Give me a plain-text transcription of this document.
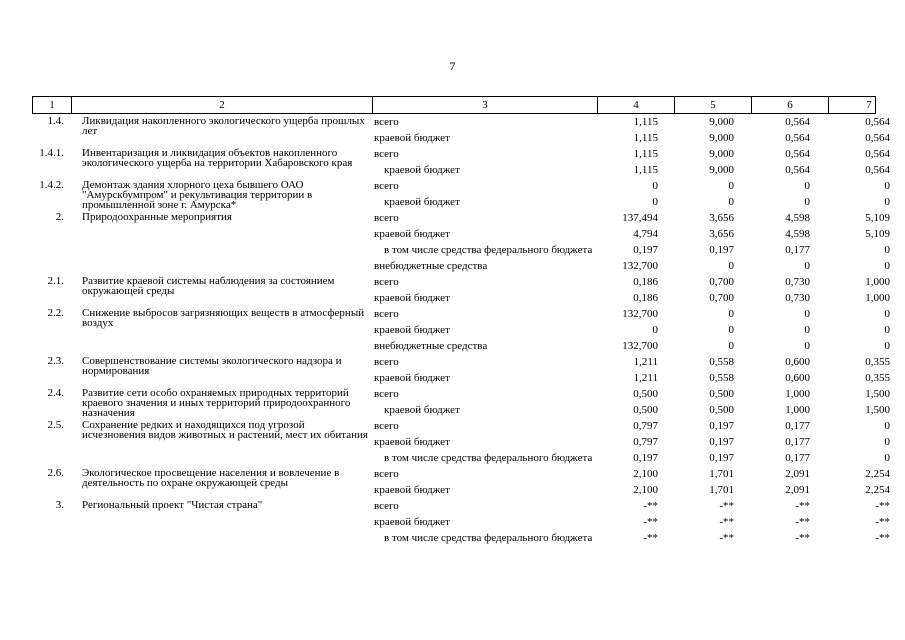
7
1	2	3	4	5	6	7
1.4.	Ликвидация накопленного экологического ущерба прошлых лет
всего	1,115	9,000	0,564	0,564
краевой бюджет	1,115	9,000	0,564	0,564
1.4.1.	Инвентаризация и ликвидация объектов накопленного экологического ущерба на территории Хабаровского края
всего	1,115	9,000	0,564	0,564
краевой бюджет	1,115	9,000	0,564	0,564
1.4.2.	Демонтаж здания хлорного цеха бывшего ОАО "Амурскбумпром" и рекультивация территории в промышленной зоне г. Амурска*
всего	0	0	0	0
краевой бюджет	0	0	0	0
2.	Природоохранные мероприятия	всего	137,494	3,656	4,598	5,109
краевой бюджет	4,794	3,656	4,598	5,109
в том числе средства федерального бюджета	0,197	0,197	0,177	0
внебюджетные средства	132,700	0	0	0
2.1.	Развитие краевой системы наблюдения за состоянием окружающей среды
всего	0,186	0,700	0,730	1,000
краевой бюджет	0,186	0,700	0,730	1,000
2.2.	Снижение выбросов загрязняющих веществ в атмосферный воздух
всего	132,700	0	0	0
краевой бюджет	0	0	0	0
внебюджетные средства	132,700	0	0	0
2.3.	Совершенствование системы экологического надзора и нормирования
всего	1,211	0,558	0,600	0,355
краевой бюджет	1,211	0,558	0,600	0,355
2.4.	Развитие сети особо охраняемых природных территорий краевого значения и иных территорий природоохранного назначения
всего	0,500	0,500	1,000	1,500
краевой бюджет	0,500	0,500	1,000	1,500
2.5.	Сохранение редких и находящихся под угрозой исчезновения видов животных и растений, мест их обитания
всего	0,797	0,197	0,177	0
краевой бюджет	0,797	0,197	0,177	0
в том числе средства федерального бюджета	0,197	0,197	0,177	0
2.6.	Экологическое просвещение населения и вовлечение в деятельность по охране окружающей среды
всего	2,100	1,701	2,091	2,254
краевой бюджет	2,100	1,701	2,091	2,254
3.	Региональный проект "Чистая страна"	всего	-**	-**	-**	-**
краевой бюджет	-**	-**	-**	-**
в том числе средства федерального бюджета	-**	-**	-**	-**
